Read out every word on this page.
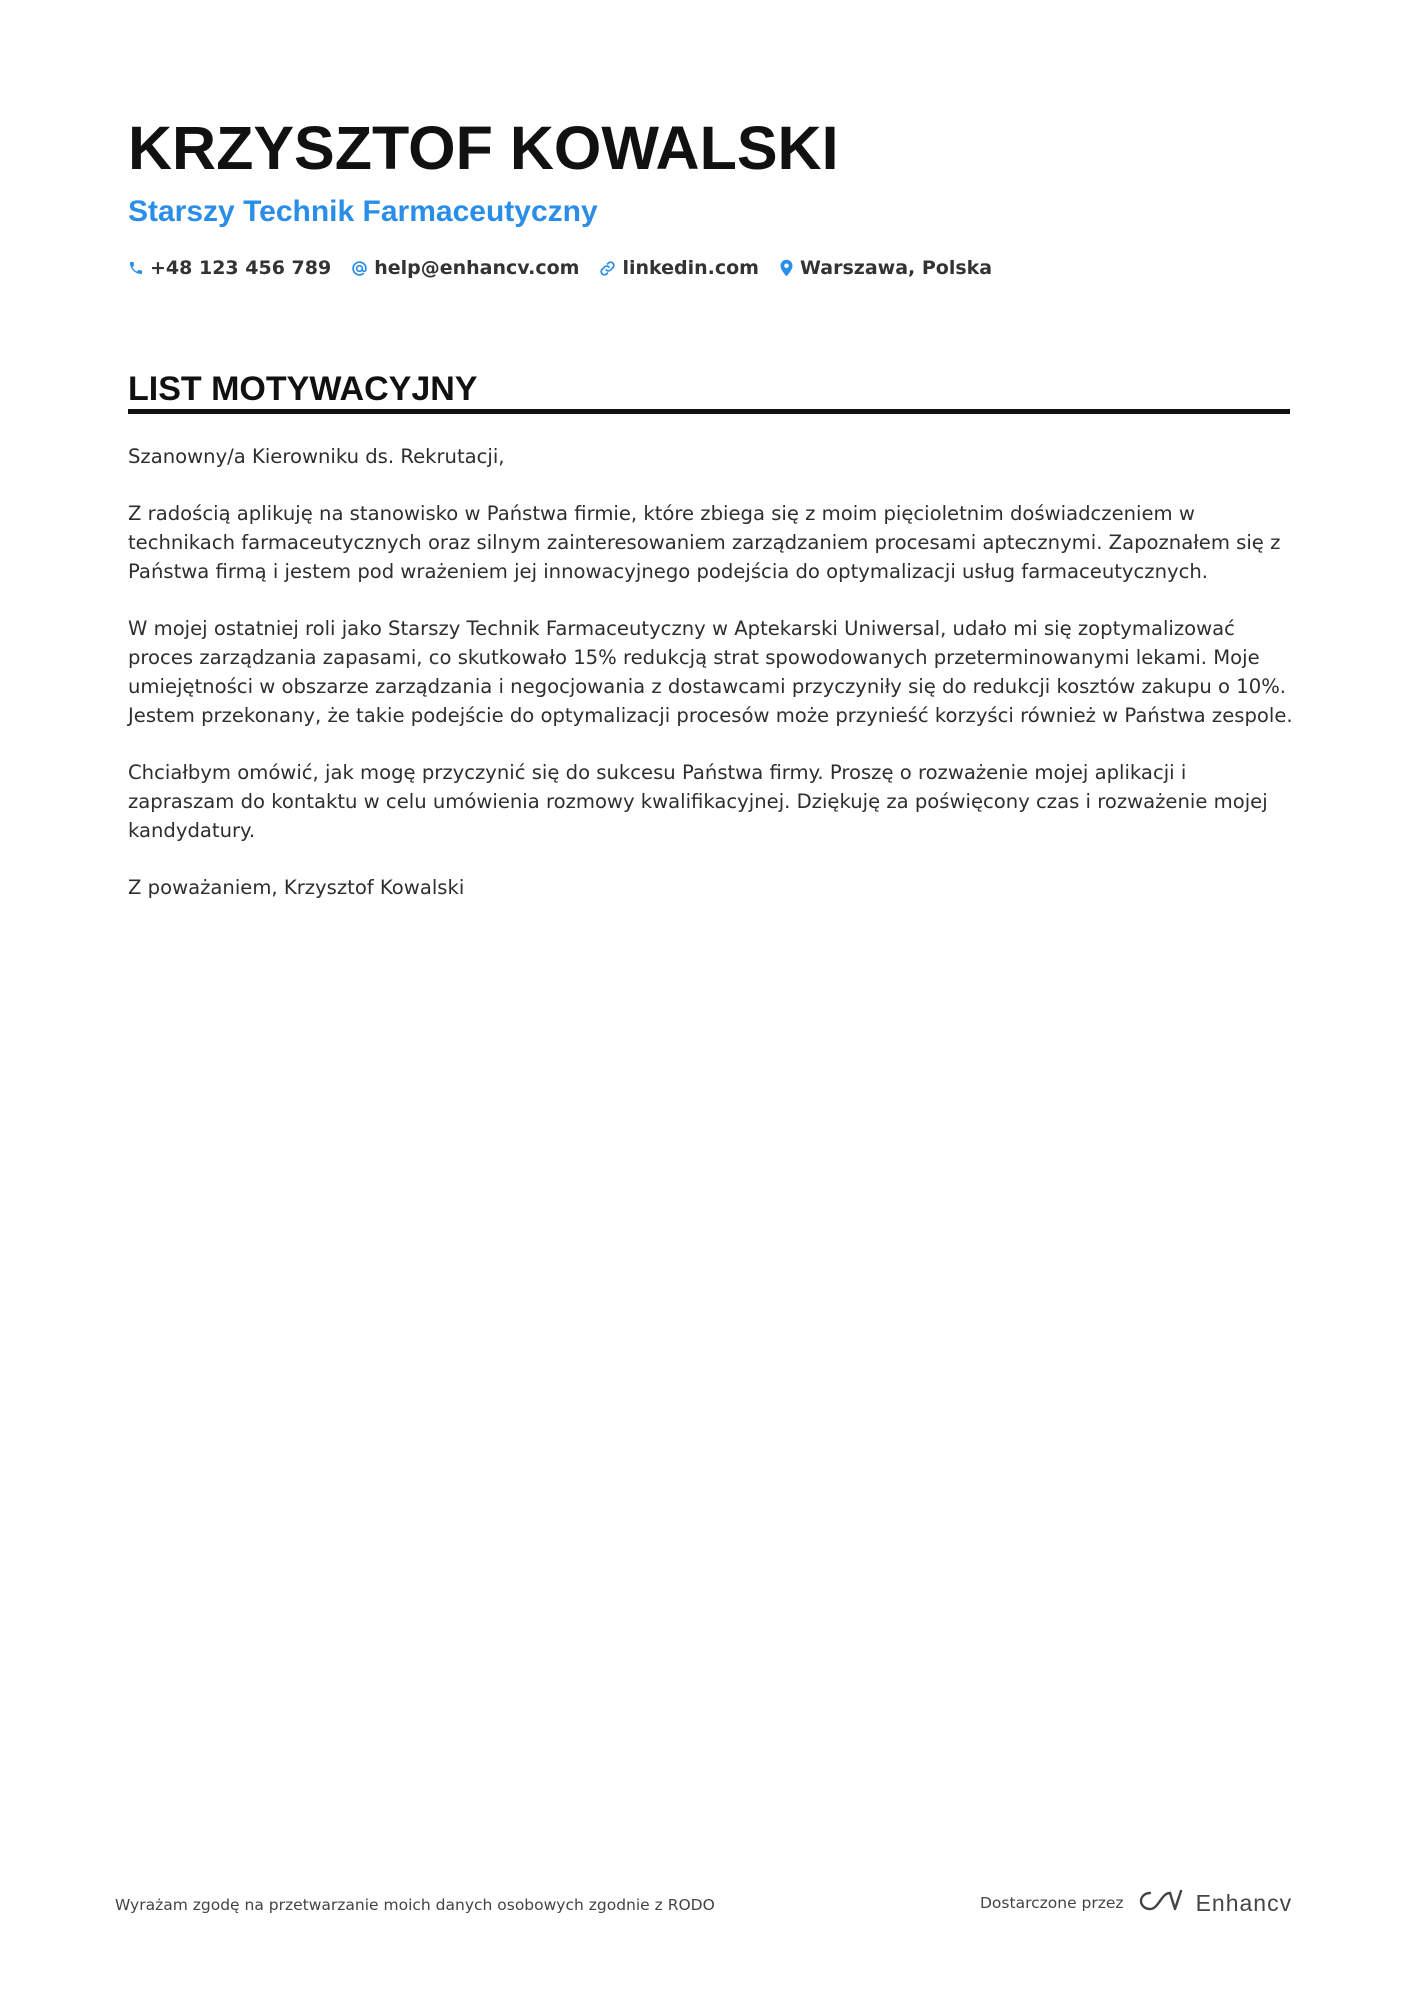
KRZYSZTOF KOWALSKI
Starszy Technik Farmaceutyczny
+48 123 456 789 help@enhancv.com linkedin.com Warszawa, Polska
LIST MOTYWACYJNY

Szanowny/a Kierowniku ds. Rekrutacji,

Z radością aplikuję na stanowisko w Państwa firmie, które zbiega się z moim pięcioletnim doświadczeniem w technikach farmaceutycznych oraz silnym zainteresowaniem zarządzaniem procesami aptecznymi. Zapoznałem się z Państwa firmą i jestem pod wrażeniem jej innowacyjnego podejścia do optymalizacji usług farmaceutycznych.

W mojej ostatniej roli jako Starszy Technik Farmaceutyczny w Aptekarski Uniwersal, udało mi się zoptymalizować proces zarządzania zapasami, co skutkowało 15% redukcją strat spowodowanych przeterminowanymi lekami. Moje umiejętności w obszarze zarządzania i negocjowania z dostawcami przyczyniły się do redukcji kosztów zakupu o 10%. Jestem przekonany, że takie podejście do optymalizacji procesów może przynieść korzyści również w Państwa zespole.

Chciałbym omówić, jak mogę przyczynić się do sukcesu Państwa firmy. Proszę o rozważenie mojej aplikacji i zapraszam do kontaktu w celu umówienia rozmowy kwalifikacyjnej. Dziękuję za poświęcony czas i rozważenie mojej kandydatury.

Z poważaniem, Krzysztof Kowalski

Wyrażam zgodę na przetwarzanie moich danych osobowych zgodnie z RODO	Dostarczone przez	Enhancv
